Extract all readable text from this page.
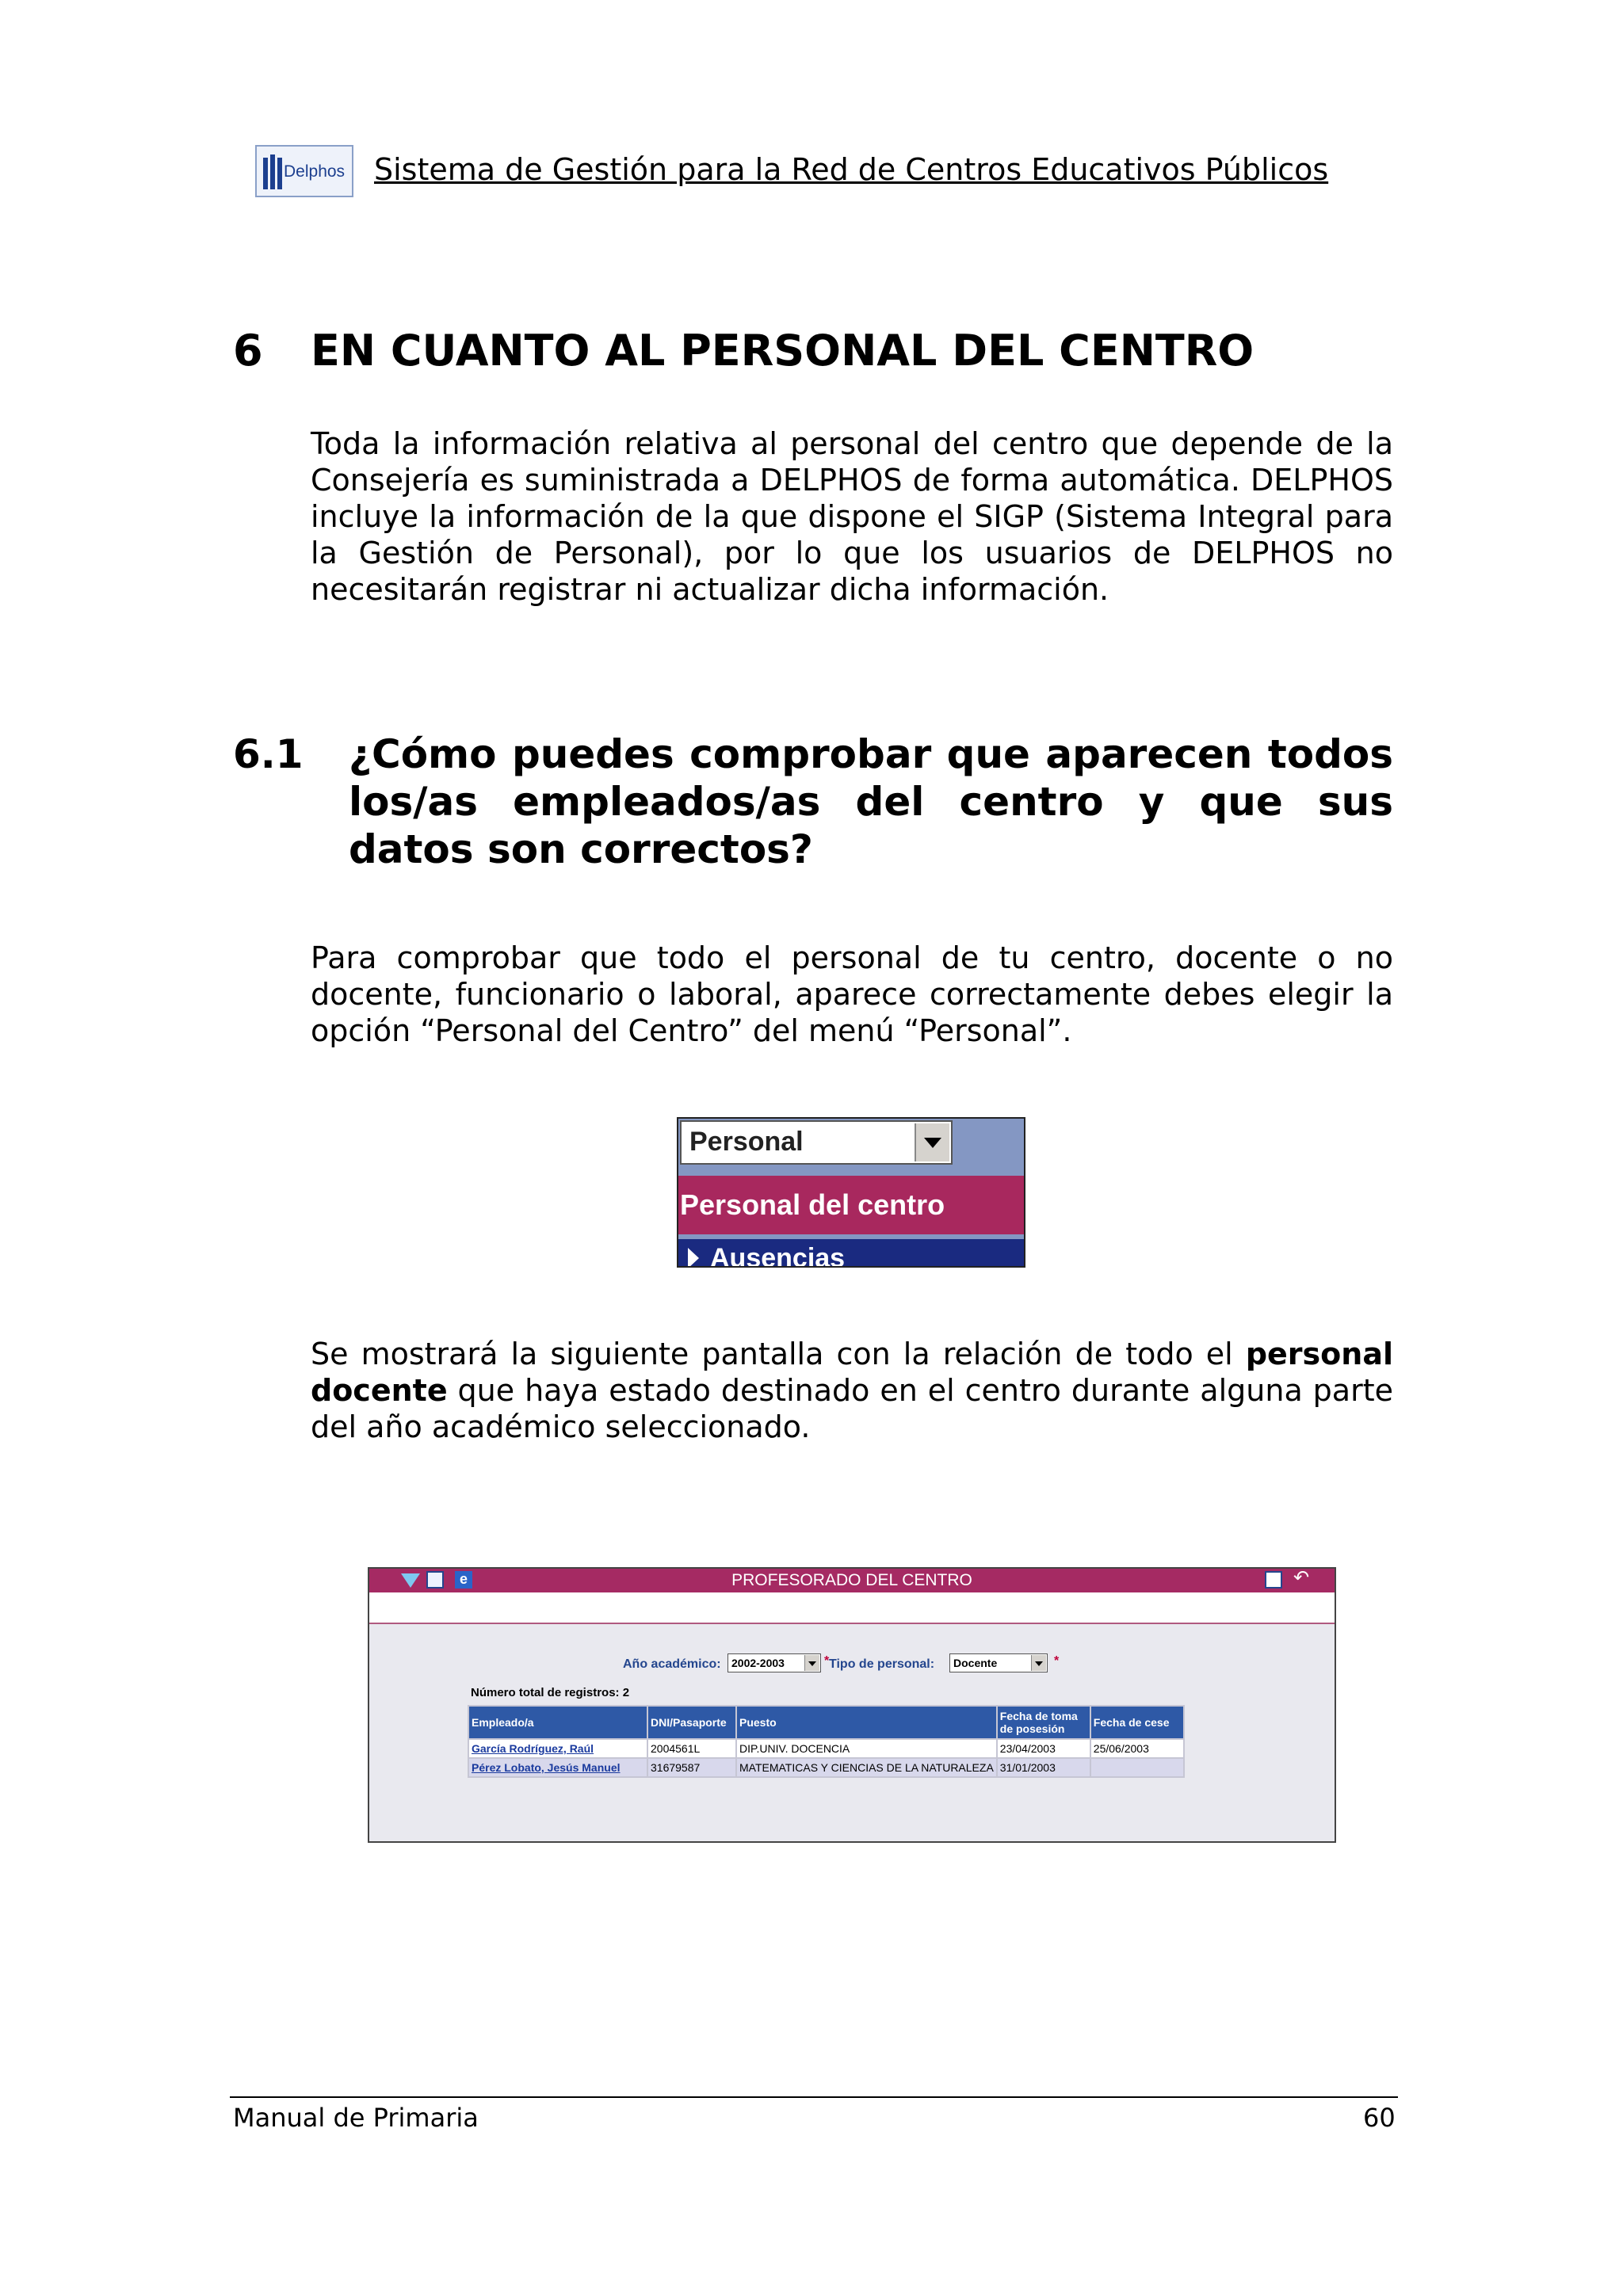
Delphos Sistema de Gestión para la Red de Centros Educativos Públicos
6 EN CUANTO AL PERSONAL DEL CENTRO
Toda la información relativa al personal del centro que depende de la Consejería es suministrada a DELPHOS de forma automática. DELPHOS incluye la información de la que dispone el SIGP (Sistema Integral para la Gestión de Personal), por lo que los usuarios de DELPHOS no necesitarán registrar ni actualizar dicha información.
6.1 ¿Cómo puedes comprobar que aparecen todos los/as empleados/as del centro y que sus datos son correctos?
Para comprobar que todo el personal de tu centro, docente o no docente, funcionario o laboral, aparece correctamente debes elegir la opción “Personal del Centro” del menú “Personal”.
Personal
Personal del centro
Ausencias
Se mostrará la siguiente pantalla con la relación de todo el personal docente que haya estado destinado en el centro durante alguna parte del año académico seleccionado.
PROFESORADO DEL CENTRO
e	↶
Año académico: 2002-2003	* Tipo de personal:	Docente	*
Número total de registros: 2
Empleado/a	DNI/Pasaporte	Puesto	Fecha de toma de posesión	Fecha de cese
García Rodríguez, Raúl	2004561L	DIP.UNIV. DOCENCIA	23/04/2003	25/06/2003
Pérez Lobato, Jesús Manuel	31679587	MATEMATICAS Y CIENCIAS DE LA NATURALEZA	31/01/2003	
Manual de Primaria	60
